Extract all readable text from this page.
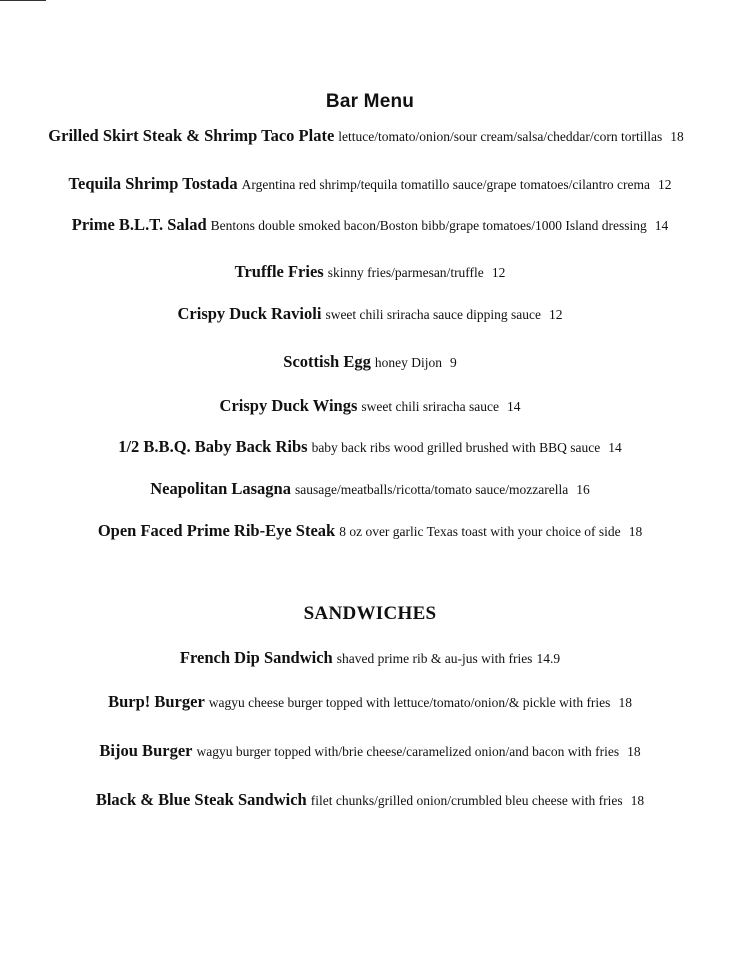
Bar Menu
Grilled Skirt Steak & Shrimp Taco Plate lettuce/tomato/onion/sour cream/salsa/cheddar/corn tortillas 18
Tequila Shrimp Tostada Argentina red shrimp/tequila tomatillo sauce/grape tomatoes/cilantro crema 12
Prime B.L.T. Salad Bentons double smoked bacon/Boston bibb/grape tomatoes/1000 Island dressing 14
Truffle Fries skinny fries/parmesan/truffle 12
Crispy Duck Ravioli sweet chili sriracha sauce dipping sauce 12
Scottish Egg honey Dijon 9
Crispy Duck Wings sweet chili sriracha sauce 14
1/2 B.B.Q. Baby Back Ribs baby back ribs wood grilled brushed with BBQ sauce 14
Neapolitan Lasagna sausage/meatballs/ricotta/tomato sauce/mozzarella 16
Open Faced Prime Rib-Eye Steak 8 oz over garlic Texas toast with your choice of side 18
SANDWICHES
French Dip Sandwich shaved prime rib & au-jus with fries 14.9
Burp! Burger wagyu cheese burger topped with lettuce/tomato/onion/& pickle with fries 18
Bijou Burger wagyu burger topped with/brie cheese/caramelized onion/and bacon with fries 18
Black & Blue Steak Sandwich filet chunks/grilled onion/crumbled bleu cheese with fries 18
